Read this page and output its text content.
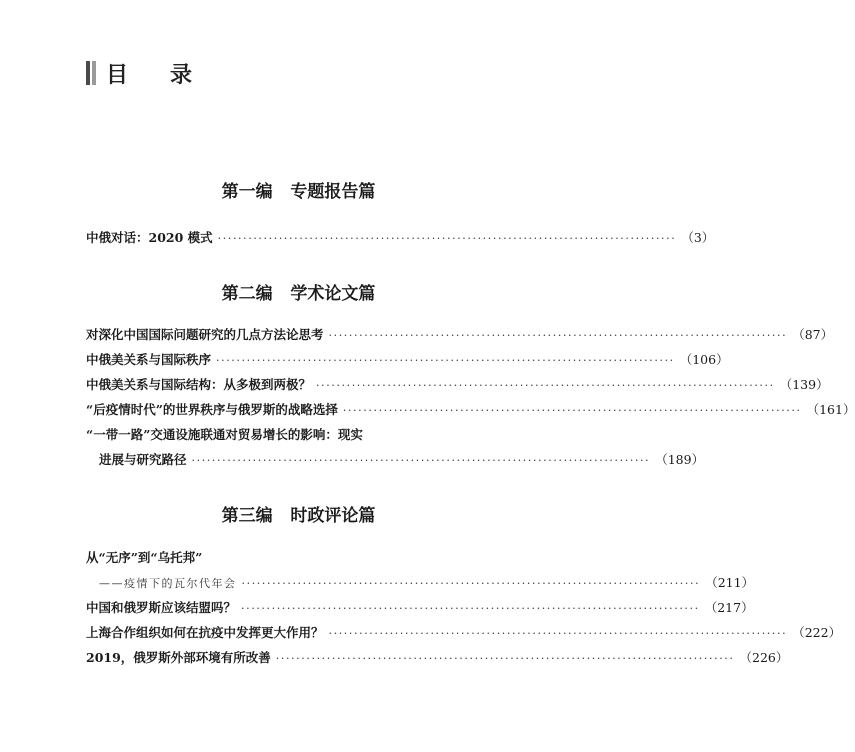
目录
第一编   专题报告篇
中俄对话：2020 模式 ·························································································· （3）
第二编   学术论文篇
对深化中国国际问题研究的几点方法论思考 ·························································································· （87）
中俄美关系与国际秩序 ·························································································· （106）
中俄美关系与国际结构：从多极到两极？ ·························································································· （139）
“后疫情时代”的世界秩序与俄罗斯的战略选择 ·························································································· （161）
“一带一路”交通设施联通对贸易增长的影响：现实
进展与研究路径 ·························································································· （189）
第三编   时政评论篇
从“无序”到“乌托邦”
——疫情下的瓦尔代年会 ·························································································· （211）
中国和俄罗斯应该结盟吗？ ·························································································· （217）
上海合作组织如何在抗疫中发挥更大作用？ ·························································································· （222）
2019，俄罗斯外部环境有所改善 ·························································································· （226）
